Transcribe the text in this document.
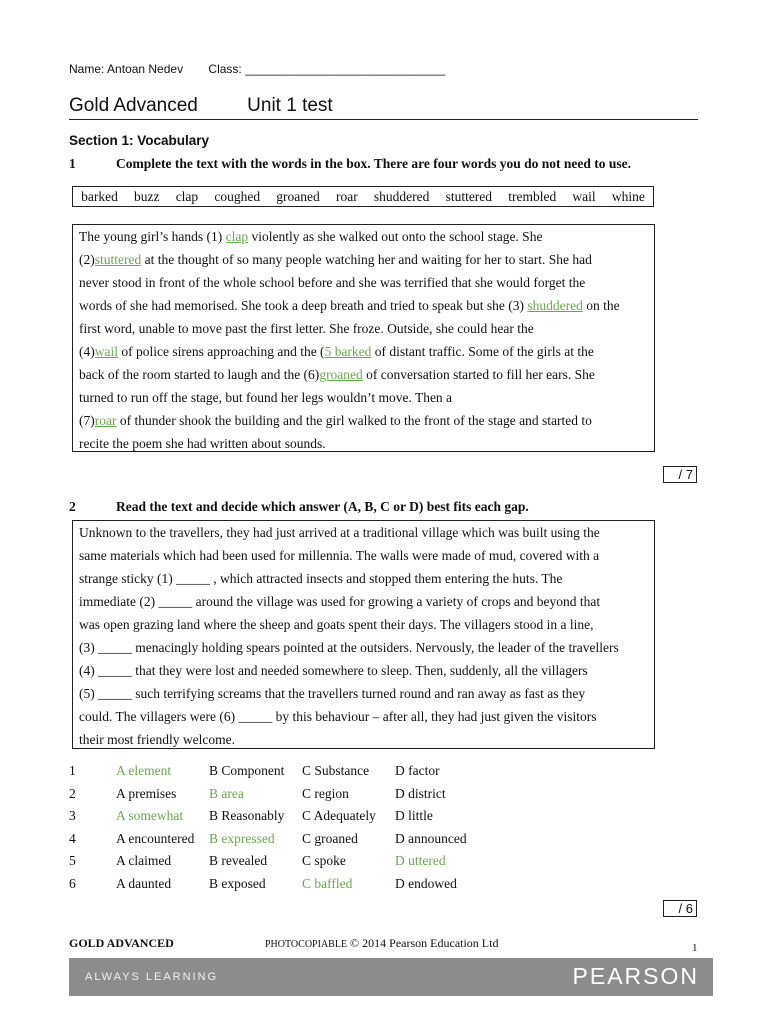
Name: Antoan Nedev Class: ______________________________
Gold Advanced	Unit 1 test
Section 1: Vocabulary
1	Complete the text with the words in the box. There are four words you do not need to use.
barked buzz clap coughed groaned roar shuddered stuttered trembled wail whine
The young girl’s hands (1) clap violently as she walked out onto the school stage. She
(2)stuttered at the thought of so many people watching her and waiting for her to start. She had
never stood in front of the whole school before and she was terrified that she would forget the
words of she had memorised. She took a deep breath and tried to speak but she (3) shuddered on the
first word, unable to move past the first letter. She froze. Outside, she could hear the
(4)wail of police sirens approaching and the (5 barked of distant traffic. Some of the girls at the
back of the room started to laugh and the (6)groaned of conversation started to fill her ears. She
turned to run off the stage, but found her legs wouldn’t move. Then a
(7)roar of thunder shook the building and the girl walked to the front of the stage and started to
recite the poem she had written about sounds.
/ 7
2	Read the text and decide which answer (A, B, C or D) best fits each gap.
Unknown to the travellers, they had just arrived at a traditional village which was built using the
same materials which had been used for millennia. The walls were made of mud, covered with a
strange sticky (1) _____ , which attracted insects and stopped them entering the huts. The
immediate (2) _____ around the village was used for growing a variety of crops and beyond that
was open grazing land where the sheep and goats spent their days. The villagers stood in a line,
(3) _____ menacingly holding spears pointed at the outsiders. Nervously, the leader of the travellers
(4) _____ that they were lost and needed somewhere to sleep. Then, suddenly, all the villagers
(5) _____ such terrifying screams that the travellers turned round and ran away as fast as they
could. The villagers were (6) _____ by this behaviour – after all, they had just given the visitors
their most friendly welcome.
1	A element	B Component C Substance D factor
2	A premises B area	C region	D district
3	A somewhat B Reasonably C Adequately D little
4	A encountered B expressed C groaned	D announced
5	A claimed	B revealed	C spoke	D uttered
6	A daunted	B exposed	C baffled	D endowed
/ 6
GOLD ADVANCED	PHOTOCOPIABLE © 2014 Pearson Education Ltd	1
ALWAYS LEARNING	PEARSON
